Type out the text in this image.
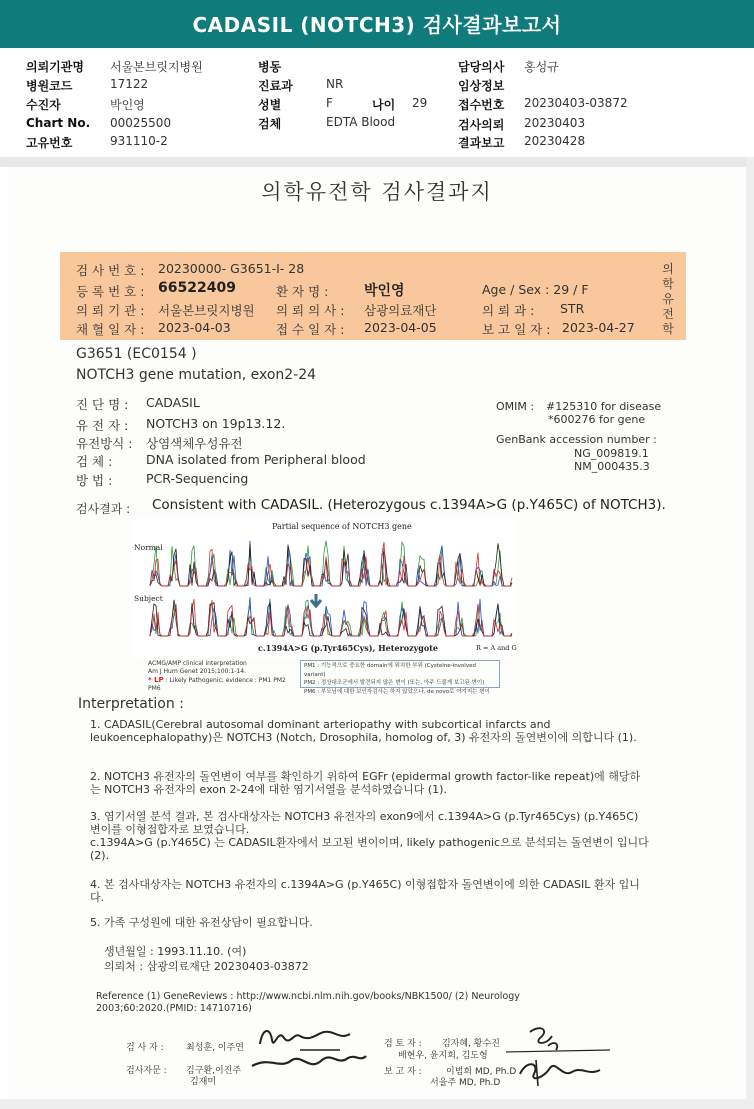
CADASIL (NOTCH3) 검사결과보고서
의뢰기관명 서울본브릿지병원
병원코드	17122
수진자	박인영
Chart No. 00025500
고유번호	931110-2
병동
진료과	NR
성별	F	나이 29
검체	EDTA Blood
담당의사 홍성규
임상정보
접수번호 20230403-03872
검사의뢰 20230403
결과보고 20230428
의학유전학 검사결과지
검 사 번 호 : 20230000- G3651-I- 28
등 록 번 호 : 66522409	환 자 명 :	박인영	Age / Sex : 29 / F
의 뢰 기 관 : 서울본브릿지병원 의 뢰 의 사 : 삼광의료재단	의 뢰 과 : STR
채 혈 일 자 : 2023-04-03	접 수 일 자 : 2023-04-05	보 고 일 자 : 2023-04-27
의학유전학
G3651 (EC0154 )
NOTCH3 gene mutation, exon2-24
진 단 명 : CADASIL
유 전 자 : NOTCH3 on 19p13.12.
유전방식 : 상염색체우성유전
검 체 :	DNA isolated from Peripheral blood
방 법 :	PCR-Sequencing
OMIM : #125310 for disease
*600276 for gene
GenBank accession number :
NG_009819.1
NM_000435.3
검사결과 : Consistent with CADASIL. (Heterozygous c.1394A>G (p.Y465C) of NOTCH3).
Partial sequence of NOTCH3 gene
Normal
Subject
c.1394A>G (p.Tyr465Cys), Heterozygote	R = A and G
ACMG/AMP clinical interpretation
Am J Hum Genet 2015;100:1-14.
* LP : Likely Pathogenic; evidence : PM1 PM2 PM6
PM1 : 기능적으로 중요한 domain에 위치한 부위 (Cysteine-involved variant)
PM2 : 정상대조군에서 발견되지 않은 변이 (또는, 아주 드물게 보고된 변이)
PM6 : 부모님에 대한 보인자검사는 하지 않았으나, de novo로 여겨지는 변이
Interpretation :
1. CADASIL(Cerebral autosomal dominant arteriopathy with subcortical infarcts and leukoencephalopathy)은 NOTCH3 (Notch, Drosophila, homolog of, 3) 유전자의 돌연변이에 의합니다 (1).
2. NOTCH3 유전자의 돌연변이 여부를 확인하기 위하여 EGFr (epidermal growth factor-like repeat)에 해당하는 NOTCH3 유전자의 exon 2-24에 대한 염기서열을 분석하였습니다 (1).
3. 염기서열 분석 결과, 본 검사대상자는 NOTCH3 유전자의 exon9에서 c.1394A>G (p.Tyr465Cys) (p.Y465C) 변이를 이형접합자로 보였습니다.
c.1394A>G (p.Y465C) 는 CADASIL환자에서 보고된 변이이며, likely pathogenic으로 분석되는 돌연변이 입니다 (2).
4. 본 검사대상자는 NOTCH3 유전자의 c.1394A>G (p.Y465C) 이형접합자 돌연변이에 의한 CADASIL 환자 입니다.
5. 가족 구성원에 대한 유전상담이 필요합니다.
생년월일 : 1993.11.10. (여)
의뢰처 : 삼광의료재단 20230403-03872
Reference (1) GeneReviews : http://www.ncbi.nlm.nih.gov/books/NBK1500/ (2) Neurology 2003;60:2020.(PMID: 14710716)
검 사 자 : 최성훈, 이주연
검사자문 : 김구환,이진주
김재미
검 토 자 : 김자혜, 황수진
배현우, 윤지희, 김도형
보 고 자 :	이범희 MD, Ph.D
서을주 MD, Ph.D
